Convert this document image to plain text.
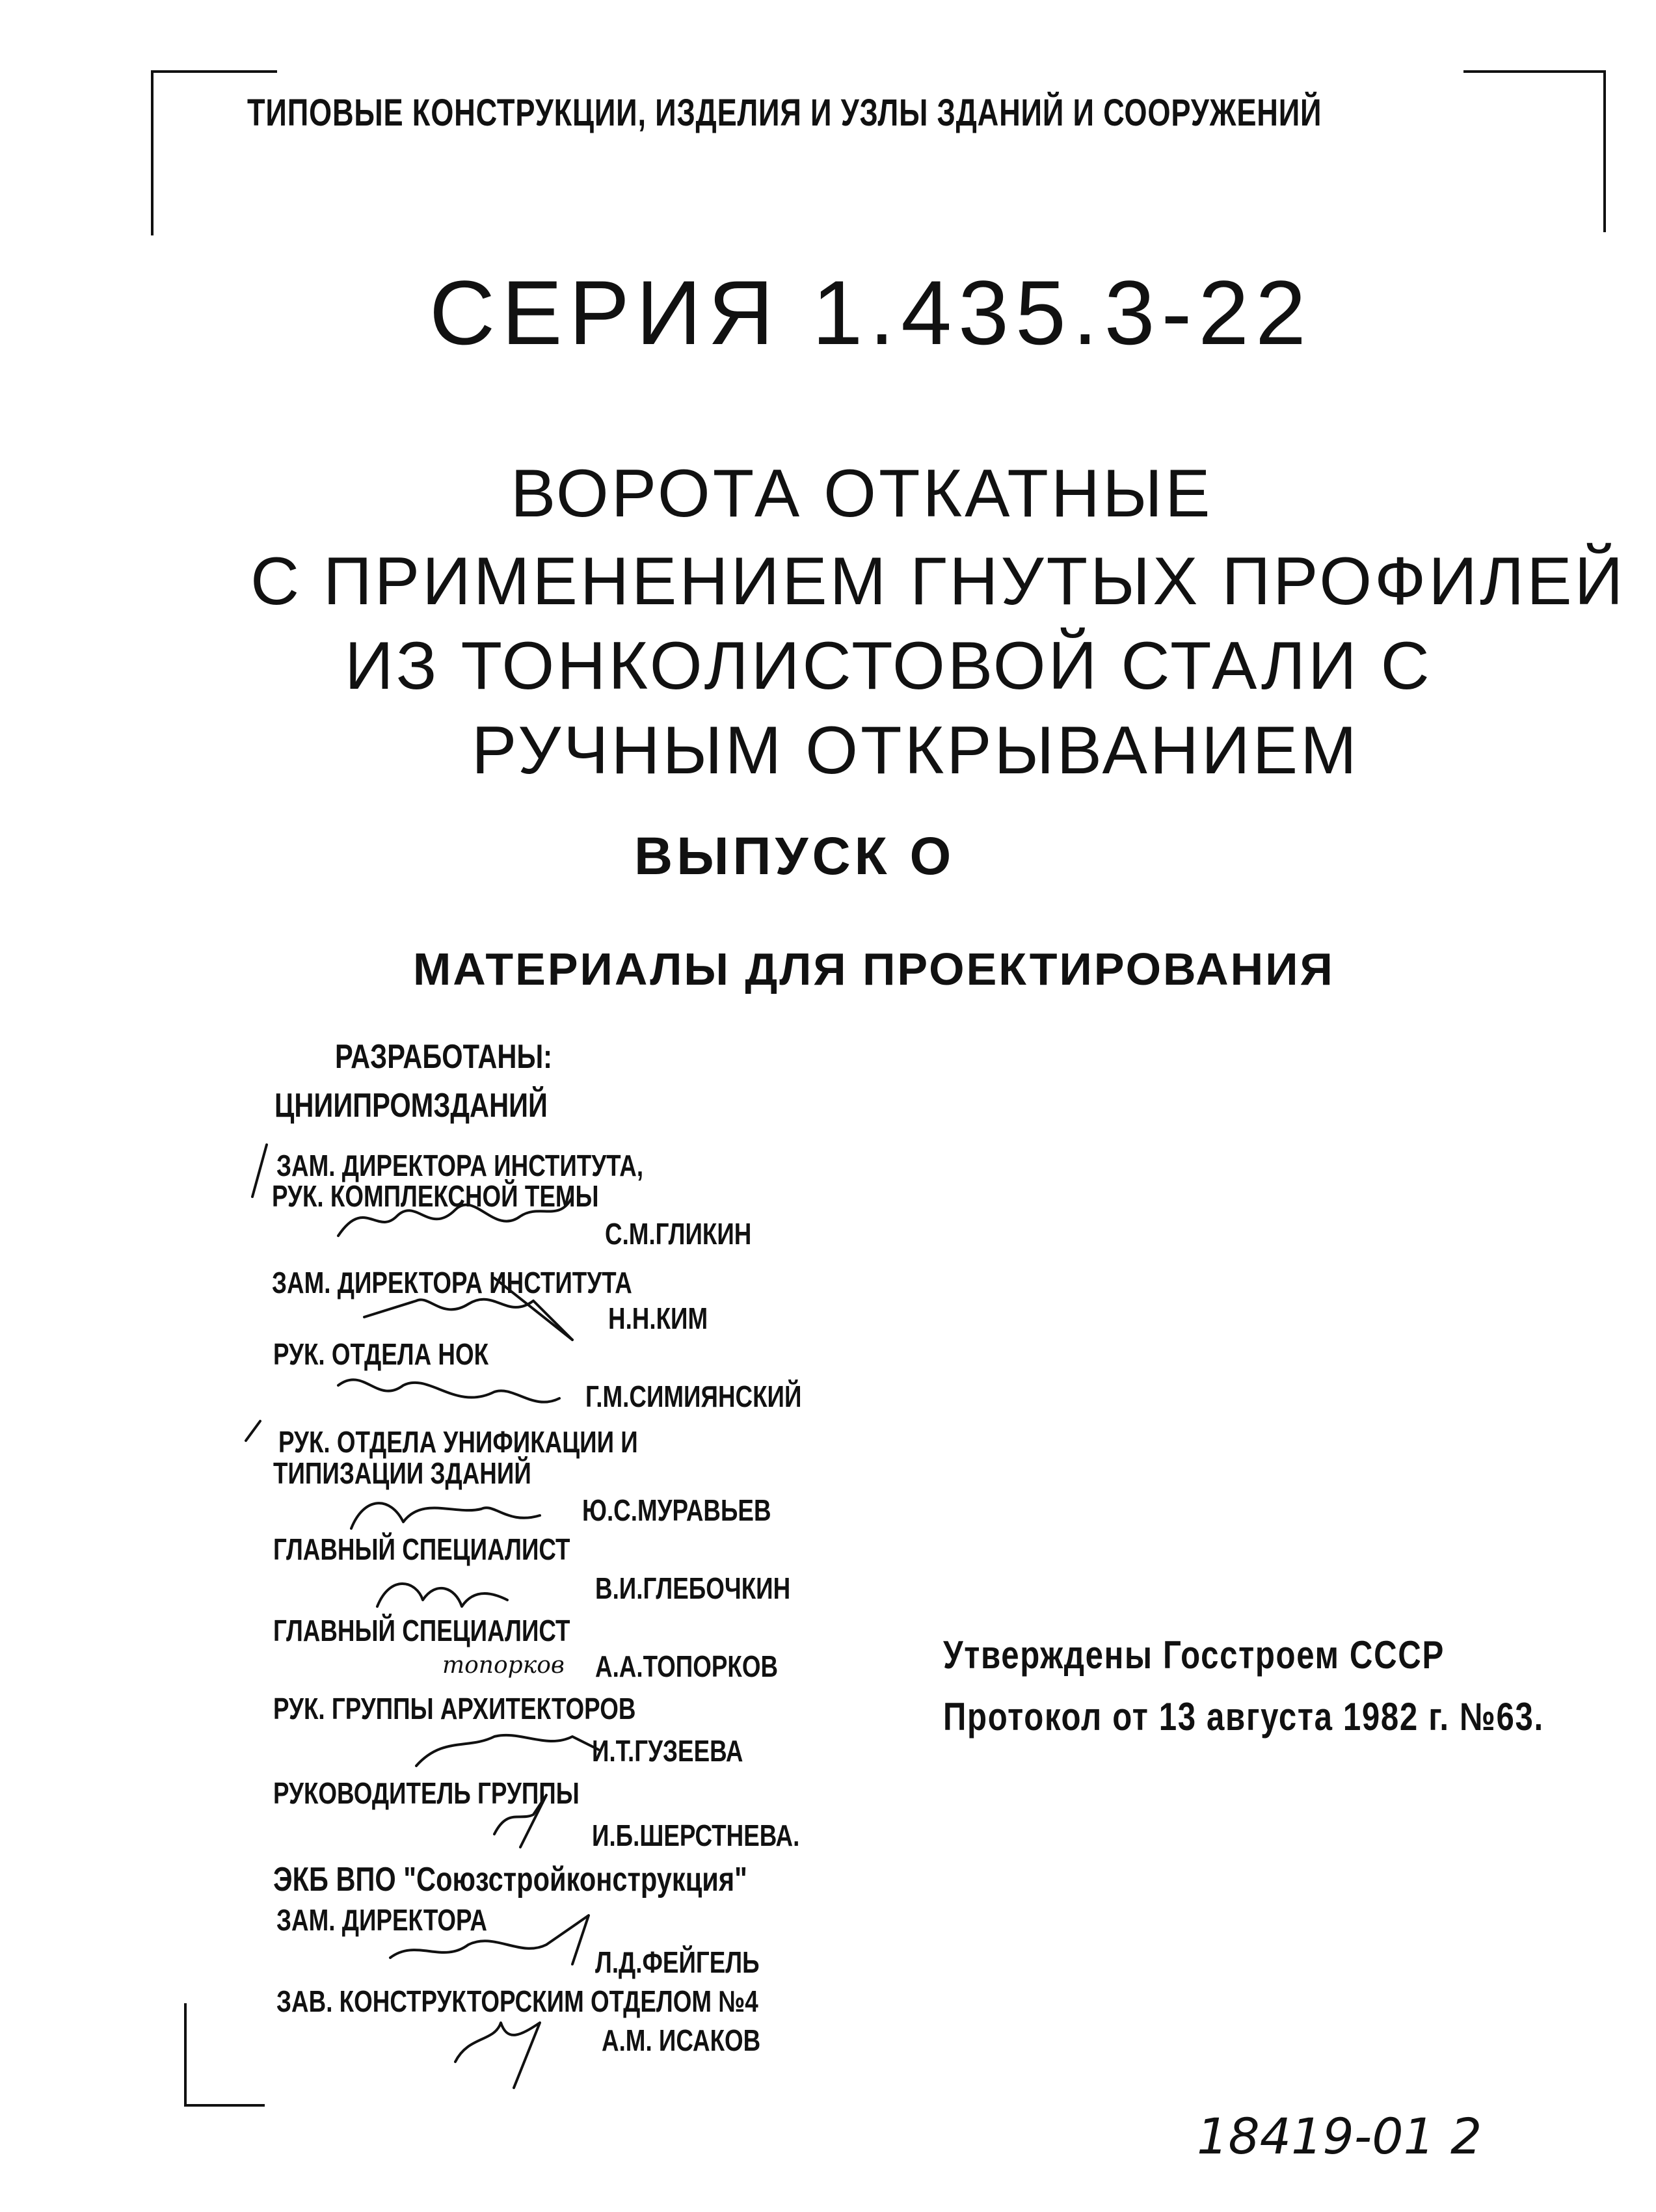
ТИПОВЫЕ КОНСТРУКЦИИ, ИЗДЕЛИЯ И УЗЛЫ ЗДАНИЙ И СООРУЖЕНИЙ
СЕРИЯ 1.435.3-22
ВОРОТА ОТКАТНЫЕ
С ПРИМЕНЕНИЕМ ГНУТЫХ ПРОФИЛЕЙ
ИЗ ТОНКОЛИСТОВОЙ СТАЛИ С
РУЧНЫМ ОТКРЫВАНИЕМ
ВЫПУСК О
МАТЕРИАЛЫ ДЛЯ ПРОЕКТИРОВАНИЯ
РАЗРАБОТАНЫ:
ЦНИИПРОМЗДАНИЙ
ЗАМ. ДИРЕКТОРА ИНСТИТУТА,
РУК. КОМПЛЕКСНОЙ ТЕМЫ
С.М.ГЛИКИН
ЗАМ. ДИРЕКТОРА ИНСТИТУТА
Н.Н.КИМ
РУК. ОТДЕЛА НОК
Г.М.СИМИЯНСКИЙ
РУК. ОТДЕЛА УНИФИКАЦИИ И
ТИПИЗАЦИИ ЗДАНИЙ
Ю.С.МУРАВЬЕВ
ГЛАВНЫЙ СПЕЦИАЛИСТ
В.И.ГЛЕБОЧКИН
ГЛАВНЫЙ СПЕЦИАЛИСТ
топорков А.А.ТОПОРКОВ
РУК. ГРУППЫ АРХИТЕКТОРОВ
И.Т.ГУЗЕЕВА
РУКОВОДИТЕЛЬ ГРУППЫ
И.Б.ШЕРСТНЕВА.
ЭКБ ВПО "Союзстройконструкция"
ЗАМ. ДИРЕКТОРА
Л.Д.ФЕЙГЕЛЬ
ЗАВ. КОНСТРУКТОРСКИМ ОТДЕЛОМ №4
А.М. ИСАКОВ
Утверждены Госстроем СССР
Протокол от 13 августа 1982 г. №63.
18419-01 2
